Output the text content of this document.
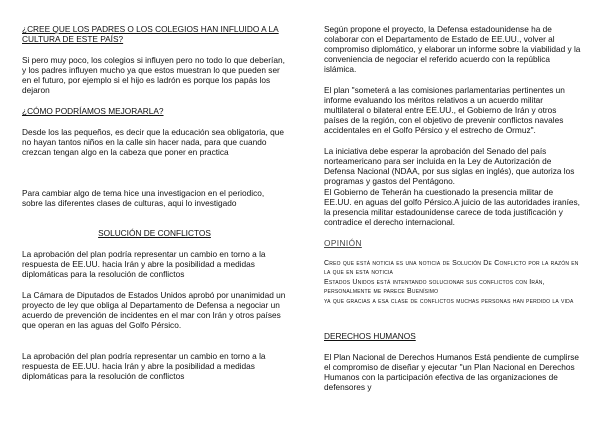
¿CREE QUE LOS PADRES O LOS COLEGIOS HAN INFLUIDO A LA CULTURA DE ESTE PAÍS?

Si pero muy poco, los colegios si influyen pero no todo lo que deberían, y los padres influyen mucho ya que estos muestran lo que pueden ser en el futuro, por ejemplo si el hijo es ladrón es porque los papás los dejaron

¿CÓMO PODRÍAMOS MEJORARLA?

Desde los las pequeños, es decir que la educación sea obligatoria, que no hayan tantos niños en la calle sin hacer nada, para que cuando crezcan tengan algo en la cabeza que poner en practica

Para cambiar algo de tema hice una investigacion en el periodico, sobre las diferentes clases de culturas, aqui lo investigado

SOLUCIÓN DE CONFLICTOS

La aprobación del plan podría representar un cambio en torno a la respuesta de EE.UU. hacia Irán y abre la posibilidad a medidas diplomáticas para la resolución de conflictos

La Cámara de Diputados de Estados Unidos aprobó por unanimidad un proyecto de ley que obliga al Departamento de Defensa a negociar un acuerdo de prevención de incidentes en el mar con Irán y otros países que operan en las aguas del Golfo Pérsico.

La aprobación del plan podría representar un cambio en torno a la respuesta de EE.UU. hacia Irán y abre la posibilidad a medidas diplomáticas para la resolución de conflictos

Según propone el proyecto, la Defensa estadounidense ha de colaborar con el Departamento de Estado de EE.UU., volver al compromiso diplomático, y elaborar un informe sobre la viabilidad y la conveniencia de negociar el referido acuerdo con la república islámica.

El plan "someterá a las comisiones parlamentarias pertinentes un informe evaluando los méritos relativos a un acuerdo militar multilateral o bilateral entre EE.UU., el Gobierno de Irán y otros países de la región, con el objetivo de prevenir conflictos navales accidentales en el Golfo Pérsico y el estrecho de Ormuz".

La iniciativa debe esperar la aprobación del Senado del país norteamericano para ser incluida en la Ley de Autorización de Defensa Nacional (NDAA, por sus siglas en inglés), que autoriza los programas y gastos del Pentágono.

El Gobierno de Teherán ha cuestionado la presencia militar de EE.UU. en aguas del golfo Pérsico.A juicio de las autoridades iraníes, la presencia militar estadounidense carece de toda justificación y contradice el derecho internacional.

OPINIÓN

Creo que está noticia es una noticia de Solución De Conflicto por la razón en la que en esta noticia

Estados Unidos está intentando solucionar sus conflictos con Irán, personalmente me parece Buenísimo

ya que gracias a esa clase de conflictos muchas personas han perdido la vida

DERECHOS HUMANOS

El Plan Nacional de Derechos Humanos Está pendiente de cumplirse el compromiso de diseñar y ejecutar "un Plan Nacional en Derechos Humanos con la participación efectiva de las organizaciones de defensores y
